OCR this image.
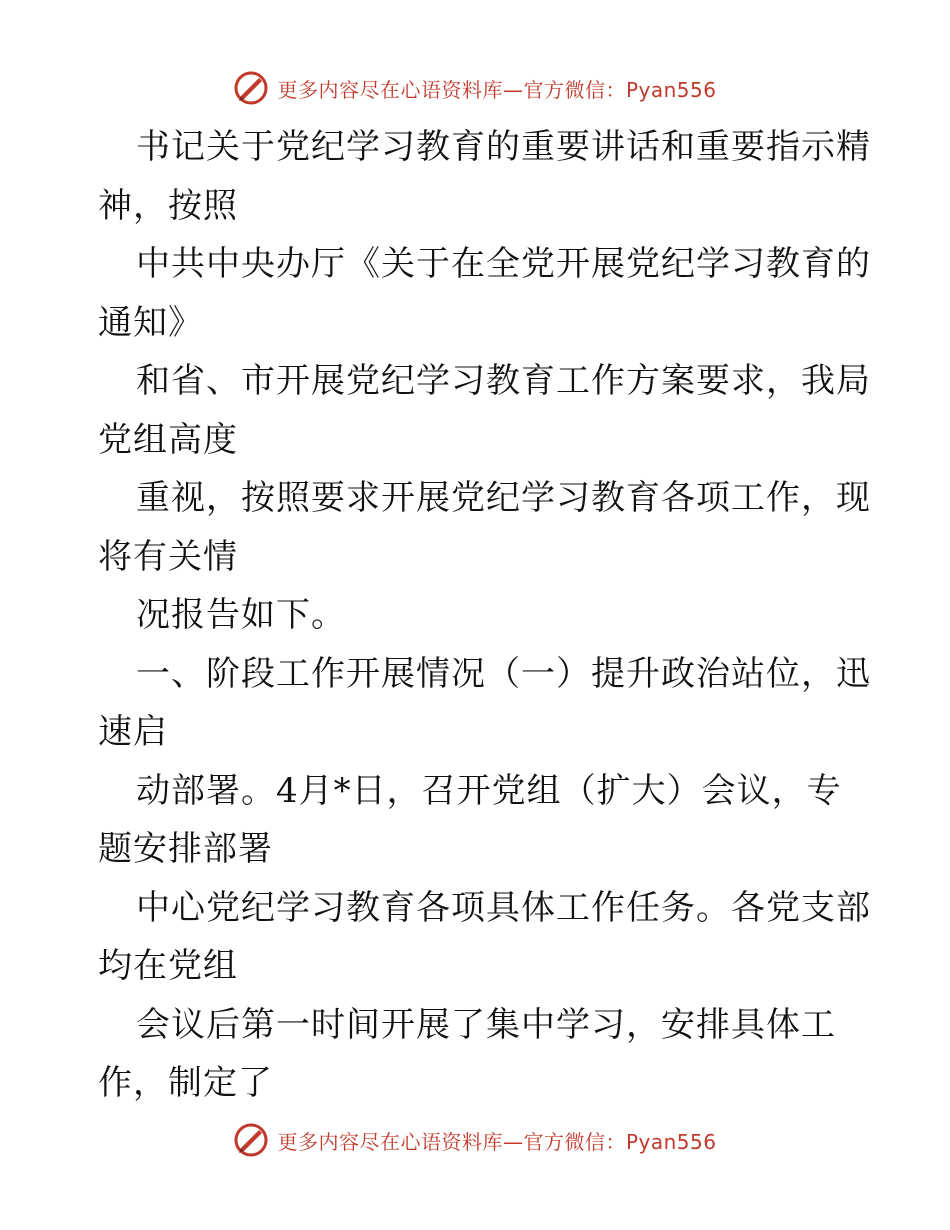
更多内容尽在心语资料库—官方微信：Pyan556
书记关于党纪学习教育的重要讲话和重要指示精
神，按照
中共中央办厅《关于在全党开展党纪学习教育的
通知》
和省、市开展党纪学习教育工作方案要求，我局
党组高度
重视，按照要求开展党纪学习教育各项工作，现
将有关情
况报告如下。
一、阶段工作开展情况（一）提升政治站位，迅
速启
动部署。4月*日，召开党组（扩大）会议，专
题安排部署
中心党纪学习教育各项具体工作任务。各党支部
均在党组
会议后第一时间开展了集中学习，安排具体工
作，制定了
更多内容尽在心语资料库—官方微信：Pyan556
